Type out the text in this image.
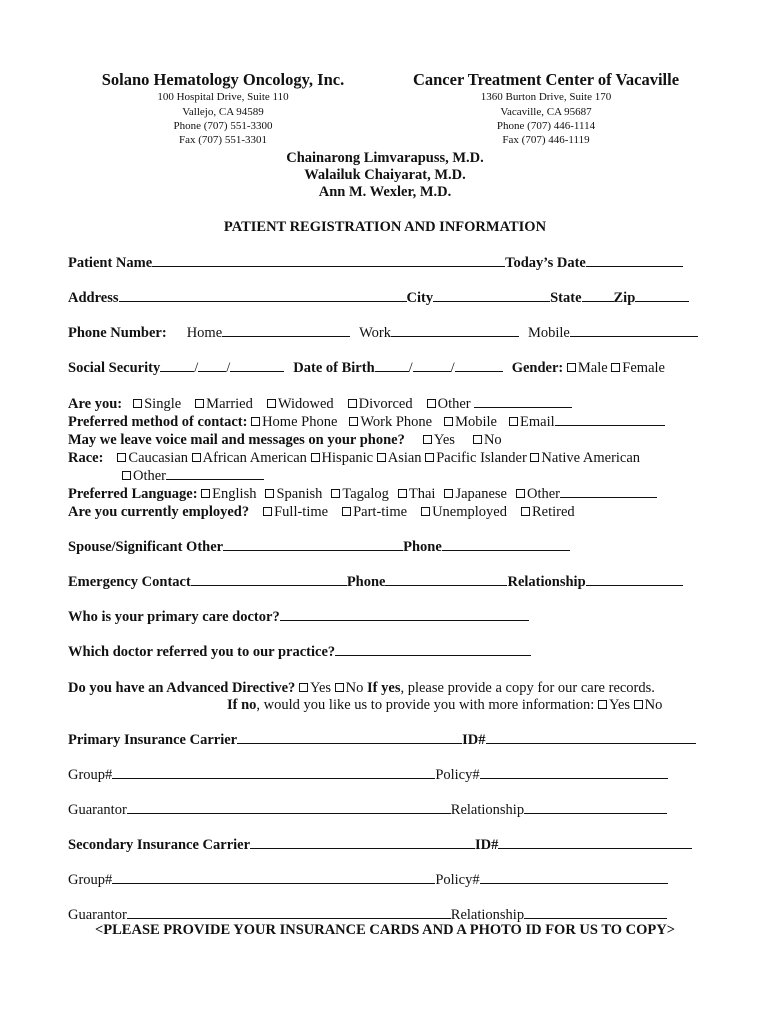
Solano Hematology Oncology, Inc.
100 Hospital Drive, Suite 110
Vallejo, CA 94589
Phone (707) 551-3300
Fax (707) 551-3301
Cancer Treatment Center of Vacaville
1360 Burton Drive, Suite 170
Vacaville, CA 95687
Phone (707) 446-1114
Fax (707) 446-1119
Chainarong Limvarapuss, M.D.
Walailuk Chaiyarat, M.D.
Ann M. Wexler, M.D.
PATIENT REGISTRATION AND INFORMATION
Patient Name	Today’s Date
Address	City	State Zip
Phone Number: Home	Work	Mobile
Social Security / /	Date of Birth /	/	Gender: Male Female
Are you: Single Married Widowed Divorced Other
Preferred method of contact: Home Phone Work Phone Mobile Email
May we leave voice mail and messages on your phone? Yes No
Race: Caucasian African American Hispanic Asian Pacific Islander Native American
Other
Preferred Language: English Spanish Tagalog Thai Japanese Other
Are you currently employed? Full-time Part-time Unemployed Retired
Spouse/Significant Other	Phone
Emergency Contact	Phone	Relationship
Who is your primary care doctor?
Which doctor referred you to our practice?
Do you have an Advanced Directive? Yes No If yes, please provide a copy for our care records.
If no, would you like us to provide you with more information: Yes No
Primary Insurance Carrier	ID#
Group#	Policy#
Guarantor	Relationship
Secondary Insurance Carrier	ID#
Group#	Policy#
Guarantor	Relationship
<PLEASE PROVIDE YOUR INSURANCE CARDS AND A PHOTO ID FOR US TO COPY>
